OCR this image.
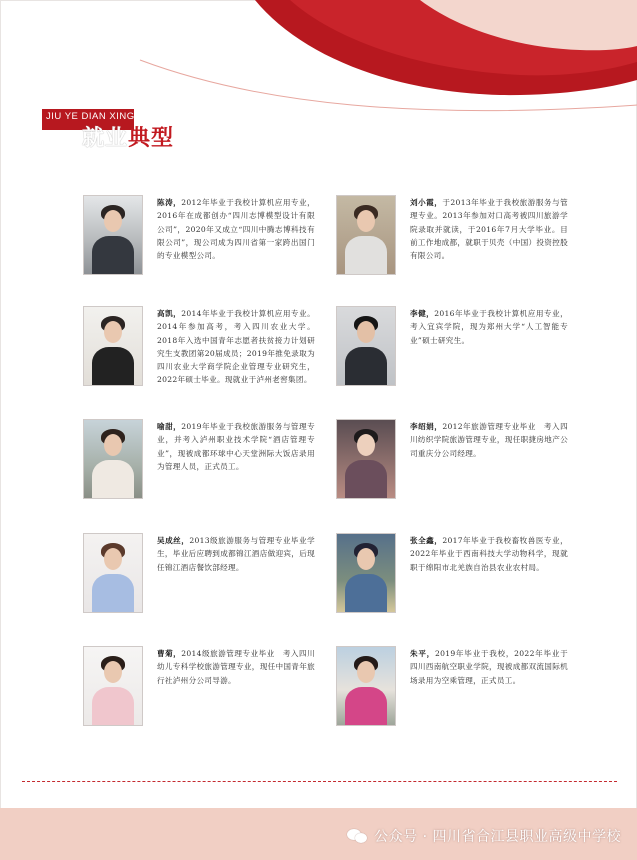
JIU YE DIAN XING
就业典型
陈涛，2012年毕业于我校计算机应用专业，2016年在成都创办“四川志博模型设计有限公司”，2020年又成立“四川中腾志博科技有限公司”，现公司成为四川省第一家跨出国门的专业模型公司。
刘小霞，于2013年毕业于我校旅游服务与管理专业。2013年参加对口高考被四川旅游学院录取并就读，于2016年7月大学毕业。目前工作地成都，就职于贝壳（中国）投资控股有限公司。
高凯，2014年毕业于我校计算机应用专业。2014年参加高考，考入四川农业大学。2018年入选中国青年志愿者扶贫接力计划研究生支教团第20届成员；2019年推免录取为四川农业大学商学院企业管理专业研究生，2022年硕士毕业。现就业于泸州老窖集团。
李健，2016年毕业于我校计算机应用专业，考入宜宾学院，现为郑州大学“人工智能专业”硕士研究生。
喻甜，2019年毕业于我校旅游服务与管理专业，并考入泸州职业技术学院“酒店管理专业”，现被成都环球中心天堂洲际大饭店录用为管理人员，正式员工。
李绍娟，2012年旅游管理专业毕业　考入四川纺织学院旅游管理专业，现任职捷房地产公司重庆分公司经理。
吴成丝，2013级旅游服务与管理专业毕业学生，毕业后应聘到成都锦江酒店做迎宾，后现任锦江酒店餐饮部经理。
张全鑫，2017年毕业于我校畜牧兽医专业，2022年毕业于西南科技大学动物科学，现就职于绵阳市北羌族自治县农业农村局。
曹菊，2014级旅游管理专业毕业　考入四川幼儿专科学校旅游管理专业，现任中国青年旅行社泸州分公司导游。
朱平，2019年毕业于我校，2022年毕业于四川西南航空职业学院，现被成都双流国际机场录用为空乘管理，正式员工。
公众号 · 四川省合江县职业高级中学校
